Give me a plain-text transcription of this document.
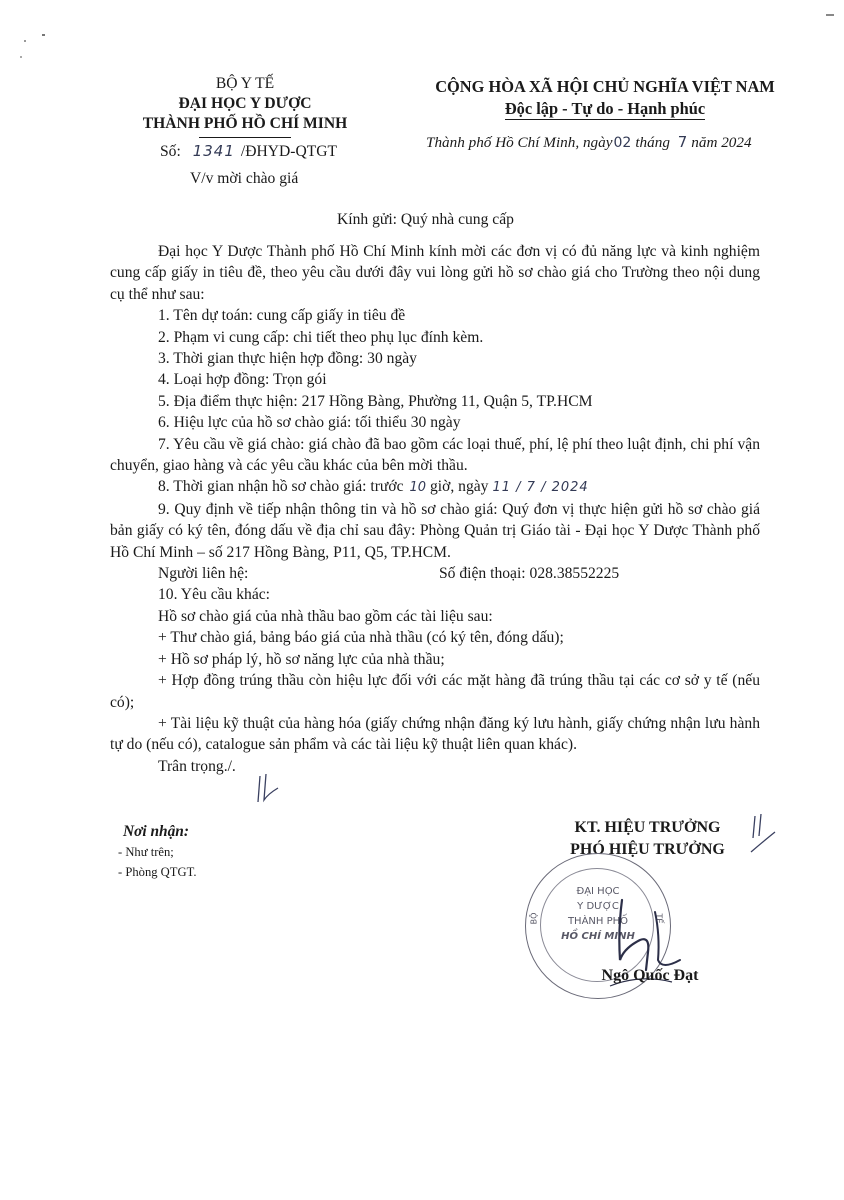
BỘ Y TẾ
ĐẠI HỌC Y DƯỢC
THÀNH PHỐ HỒ CHÍ MINH
Số: 1341 /ĐHYD-QTGT
V/v mời chào giá
CỘNG HÒA XÃ HỘI CHỦ NGHĨA VIỆT NAM
Độc lập - Tự do - Hạnh phúc
Thành phố Hồ Chí Minh, ngày02 tháng 7 năm 2024
Kính gửi: Quý nhà cung cấp
Đại học Y Dược Thành phố Hồ Chí Minh kính mời các đơn vị có đủ năng lực và kinh nghiệm cung cấp giấy in tiêu đề, theo yêu cầu dưới đây vui lòng gửi hồ sơ chào giá cho Trường theo nội dung cụ thể như sau:
1. Tên dự toán: cung cấp giấy in tiêu đề
2. Phạm vi cung cấp: chi tiết theo phụ lục đính kèm.
3. Thời gian thực hiện hợp đồng: 30 ngày
4. Loại hợp đồng: Trọn gói
5. Địa điểm thực hiện: 217 Hồng Bàng, Phường 11, Quận 5, TP.HCM
6. Hiệu lực của hồ sơ chào giá: tối thiểu 30 ngày
7. Yêu cầu về giá chào: giá chào đã bao gồm các loại thuế, phí, lệ phí theo luật định, chi phí vận chuyển, giao hàng và các yêu cầu khác của bên mời thầu.
8. Thời gian nhận hồ sơ chào giá: trước 10 giờ, ngày 11 / 7 / 2024
9. Quy định về tiếp nhận thông tin và hồ sơ chào giá: Quý đơn vị thực hiện gửi hồ sơ chào giá bản giấy có ký tên, đóng dấu về địa chỉ sau đây: Phòng Quản trị Giáo tài - Đại học Y Dược Thành phố Hồ Chí Minh – số 217 Hồng Bàng, P11, Q5, TP.HCM.
Người liên hệ:	Số điện thoại: 028.38552225
10. Yêu cầu khác:
Hồ sơ chào giá của nhà thầu bao gồm các tài liệu sau:
+ Thư chào giá, bảng báo giá của nhà thầu (có ký tên, đóng dấu);
+ Hồ sơ pháp lý, hồ sơ năng lực của nhà thầu;
+ Hợp đồng trúng thầu còn hiệu lực đối với các mặt hàng đã trúng thầu tại các cơ sở y tế (nếu có);
+ Tài liệu kỹ thuật của hàng hóa (giấy chứng nhận đăng ký lưu hành, giấy chứng nhận lưu hành tự do (nếu có), catalogue sản phẩm và các tài liệu kỹ thuật liên quan khác).
Trân trọng./.
Nơi nhận:
- Như trên;
- Phòng QTGT.
KT. HIỆU TRƯỞNG
PHÓ HIỆU TRƯỞNG
ĐẠI HỌC
Y DƯỢC
THÀNH PHỐ
HỒ CHÍ MINH
BỘ	TẾ
Ngô Quốc Đạt
